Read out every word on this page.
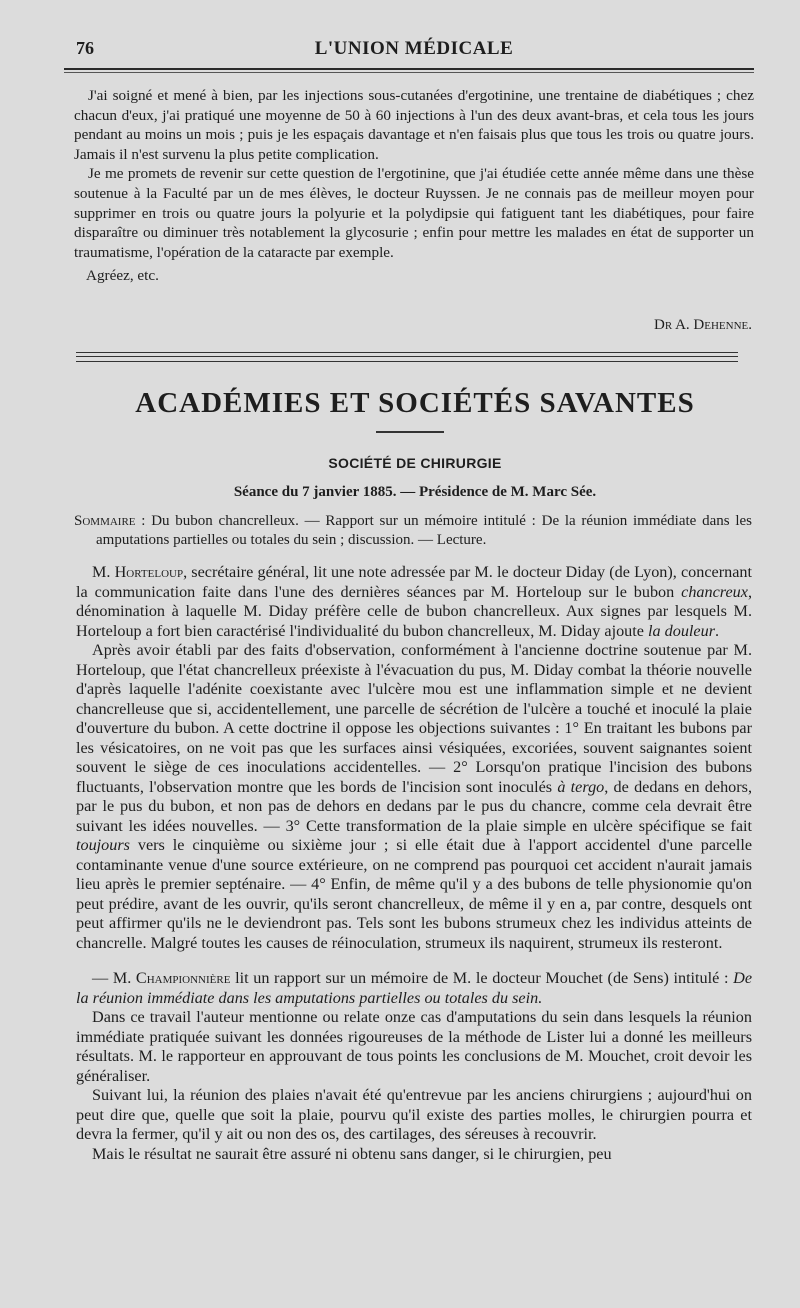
76	L'UNION MÉDICALE

J'ai soigné et mené à bien, par les injections sous-cutanées d'ergotinine, une trentaine de diabétiques ; chez chacun d'eux, j'ai pratiqué une moyenne de 50 à 60 injections à l'un des deux avant-bras, et cela tous les jours pendant au moins un mois ; puis je les espaçais davantage et n'en faisais plus que tous les trois ou quatre jours. Jamais il n'est survenu la plus petite complication.

Je me promets de revenir sur cette question de l'ergotinine, que j'ai étudiée cette année même dans une thèse soutenue à la Faculté par un de mes élèves, le docteur Ruyssen. Je ne connais pas de meilleur moyen pour supprimer en trois ou quatre jours la polyurie et la polydipsie qui fatiguent tant les diabétiques, pour faire disparaître ou diminuer très notablement la glycosurie ; enfin pour mettre les malades en état de supporter un traumatisme, l'opération de la cataracte par exemple.

Agréez, etc.

Dr A. Dehenne.
ACADÉMIES ET SOCIÉTÉS SAVANTES
SOCIÉTÉ DE CHIRURGIE
Séance du 7 janvier 1885. — Présidence de M. Marc Sée.
Sommaire : Du bubon chancrelleux. — Rapport sur un mémoire intitulé : De la réunion immédiate dans les amputations partielles ou totales du sein ; discussion. — Lecture.

M. Horteloup, secrétaire général, lit une note adressée par M. le docteur Diday (de Lyon), concernant la communication faite dans l'une des dernières séances par M. Horteloup sur le bubon chancreux, dénomination à laquelle M. Diday préfère celle de bubon chancrelleux. Aux signes par lesquels M. Horteloup a fort bien caractérisé l'individualité du bubon chancrelleux, M. Diday ajoute la douleur.

Après avoir établi par des faits d'observation, conformément à l'ancienne doctrine soutenue par M. Horteloup, que l'état chancrelleux préexiste à l'évacuation du pus, M. Diday combat la théorie nouvelle d'après laquelle l'adénite coexistante avec l'ulcère mou est une inflammation simple et ne devient chancrelleuse que si, accidentellement, une parcelle de sécrétion de l'ulcère a touché et inoculé la plaie d'ouverture du bubon. A cette doctrine il oppose les objections suivantes : 1° En traitant les bubons par les vésicatoires, on ne voit pas que les surfaces ainsi vésiquées, excoriées, souvent saignantes soient souvent le siège de ces inoculations accidentelles. — 2° Lorsqu'on pratique l'incision des bubons fluctuants, l'observation montre que les bords de l'incision sont inoculés à tergo, de dedans en dehors, par le pus du bubon, et non pas de dehors en dedans par le pus du chancre, comme cela devrait être suivant les idées nouvelles. — 3° Cette transformation de la plaie simple en ulcère spécifique se fait toujours vers le cinquième ou sixième jour ; si elle était due à l'apport accidentel d'une parcelle contaminante venue d'une source extérieure, on ne comprend pas pourquoi cet accident n'aurait jamais lieu après le premier septénaire. — 4° Enfin, de même qu'il y a des bubons de telle physionomie qu'on peut prédire, avant de les ouvrir, qu'ils seront chancrelleux, de même il y en a, par contre, desquels ont peut affirmer qu'ils ne le deviendront pas. Tels sont les bubons strumeux chez les individus atteints de chancrelle. Malgré toutes les causes de réinoculation, strumeux ils naquirent, strumeux ils resteront.

— M. Championnière lit un rapport sur un mémoire de M. le docteur Mouchet (de Sens) intitulé : De la réunion immédiate dans les amputations partielles ou totales du sein.

Dans ce travail l'auteur mentionne ou relate onze cas d'amputations du sein dans lesquels la réunion immédiate pratiquée suivant les données rigoureuses de la méthode de Lister lui a donné les meilleurs résultats. M. le rapporteur en approuvant de tous points les conclusions de M. Mouchet, croit devoir les généraliser.

Suivant lui, la réunion des plaies n'avait été qu'entrevue par les anciens chirurgiens ; aujourd'hui on peut dire que, quelle que soit la plaie, pourvu qu'il existe des parties molles, le chirurgien pourra et devra la fermer, qu'il y ait ou non des os, des cartilages, des séreuses à recouvrir.

Mais le résultat ne saurait être assuré ni obtenu sans danger, si le chirurgien, peu
